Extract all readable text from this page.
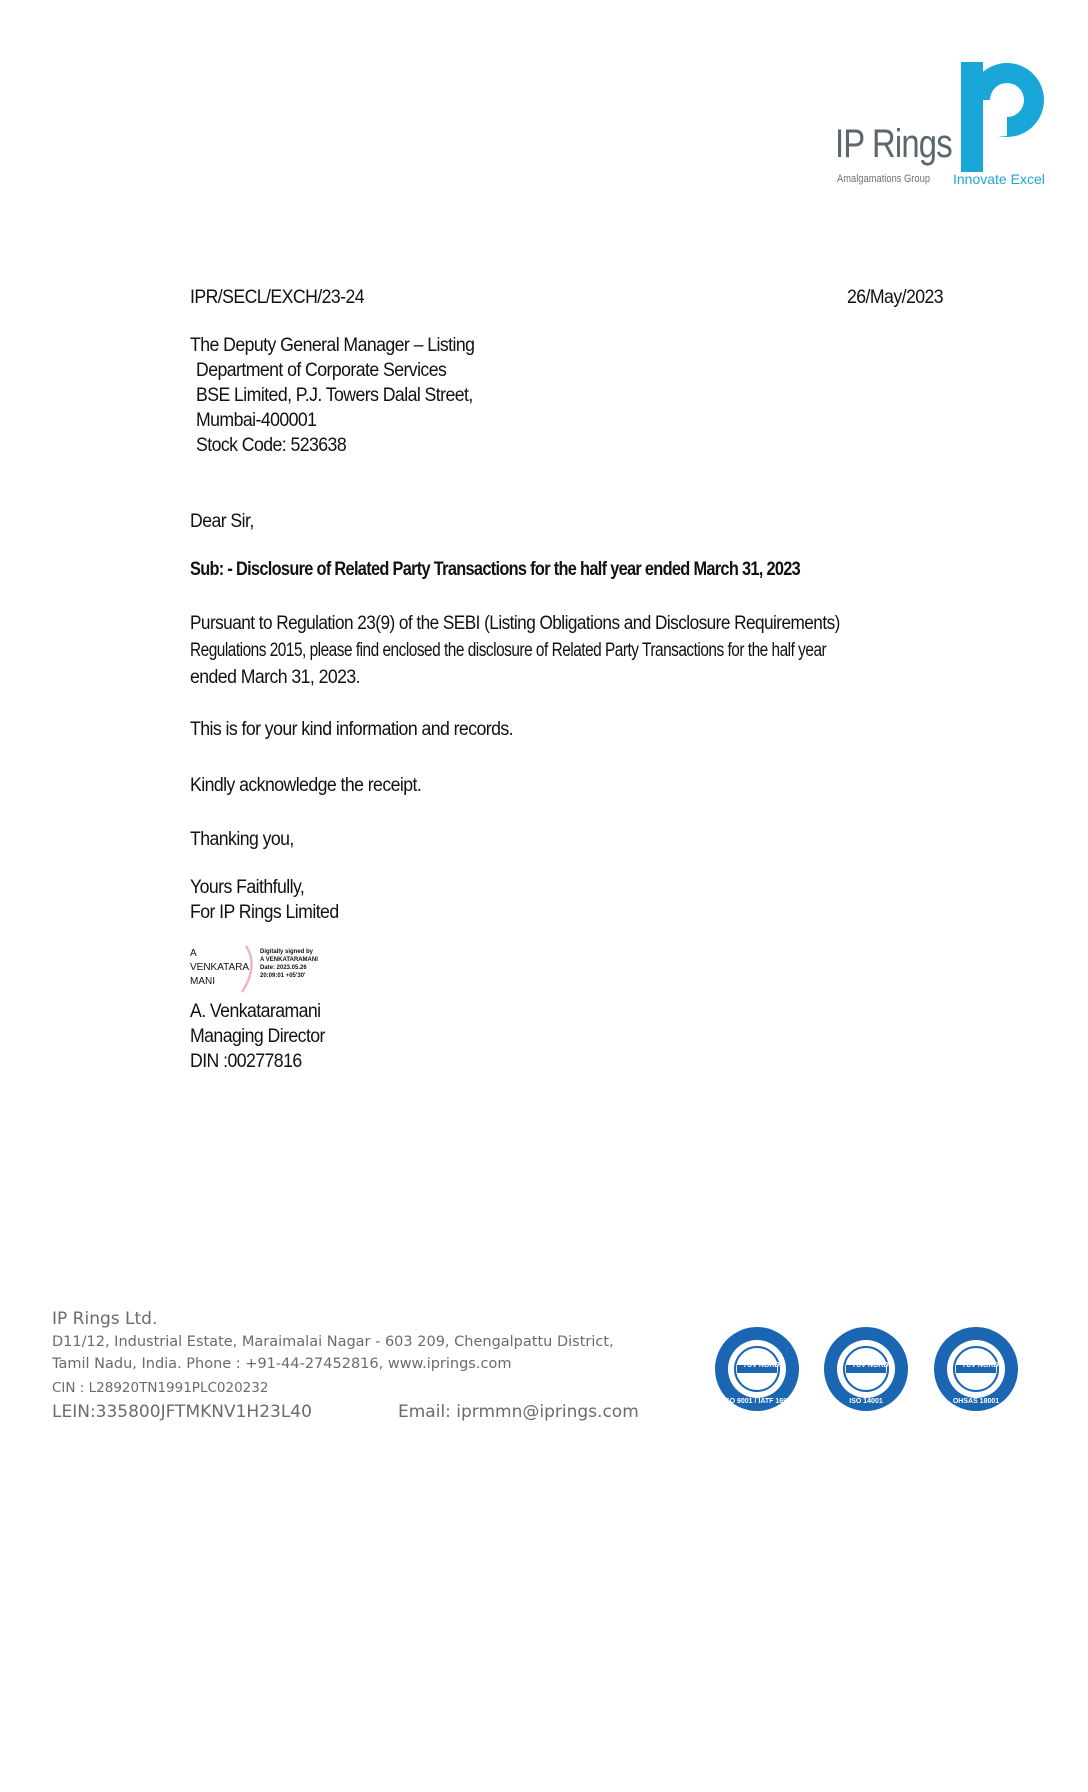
IP Rings
Amalgamations Group Innovate Excel
IPR/SECL/EXCH/23-24	26/May/2023
The Deputy General Manager – Listing
Department of Corporate Services
BSE Limited, P.J. Towers Dalal Street,
Mumbai-400001
Stock Code: 523638
Dear Sir,
Sub: - Disclosure of Related Party Transactions for the half year ended March 31, 2023
Pursuant to Regulation 23(9) of the SEBI (Listing Obligations and Disclosure Requirements)
Regulations 2015, please find enclosed the disclosure of Related Party Transactions for the half year
ended March 31, 2023.
This is for your kind information and records.
Kindly acknowledge the receipt.
Thanking you,
Yours Faithfully,
For IP Rings Limited
A
VENKATARA
MANI
Digitally signed by
A VENKATARAMANI
Date: 2023.05.26
20:09:01 +05'30'
A. Venkataramani
Managing Director
DIN :00277816
IP Rings Ltd.
D11/12, Industrial Estate, Maraimalai Nagar - 603 209, Chengalpattu District,
Tamil Nadu, India. Phone : +91-44-27452816, www.iprings.com
CIN : L28920TN1991PLC020232
LEIN:335800JFTMKNV1H23L40	Email: iprmmn@iprings.com
TÜV NORD
ISO 9001 / IATF 16949
TÜV NORD
ISO 14001
TÜV NORD
OHSAS 18001
